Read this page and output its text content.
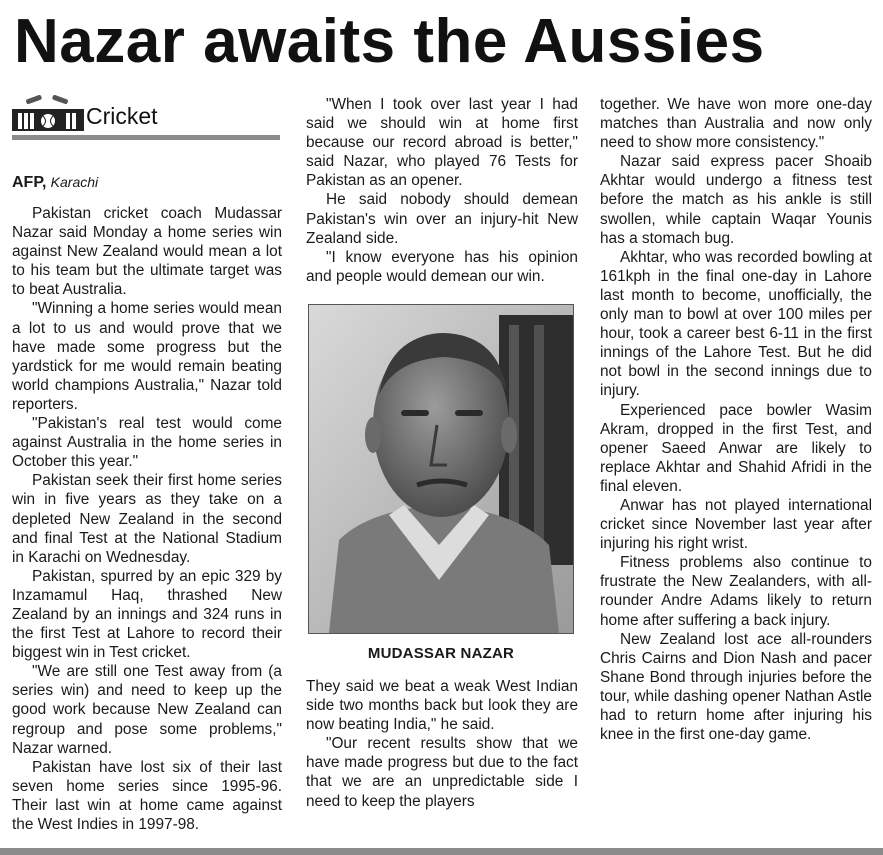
Nazar awaits the Aussies
Cricket
AFP, Karachi

Pakistan cricket coach Mudassar Nazar said Monday a home series win against New Zealand would mean a lot to his team but the ultimate target was to beat Australia.

"Winning a home series would mean a lot to us and would prove that we have made some progress but the yardstick for me would remain beating world champions Australia," Nazar told reporters.

"Pakistan's real test would come against Australia in the home series in October this year."

Pakistan seek their first home series win in five years as they take on a depleted New Zealand in the second and final Test at the National Stadium in Karachi on Wednesday.

Pakistan, spurred by an epic 329 by Inzamamul Haq, thrashed New Zealand by an innings and 324 runs in the first Test at Lahore to record their biggest win in Test cricket.

"We are still one Test away from (a series win) and need to keep up the good work because New Zealand can regroup and pose some problems," Nazar warned.

Pakistan have lost six of their last seven home series since 1995-96. Their last win at home came against the West Indies in 1997-98.

"When I took over last year I had said we should win at home first because our record abroad is better," said Nazar, who played 76 Tests for Pakistan as an opener.

He said nobody should demean Pakistan's win over an injury-hit New Zealand side.

"I know everyone has his opinion and people would demean our win.

MUDASSAR NAZAR

They said we beat a weak West Indian side two months back but look they are now beating India," he said.

"Our recent results show that we have made progress but due to the fact that we are an unpredictable side I need to keep the players

together. We have won more one-day matches than Australia and now only need to show more consistency."

Nazar said express pacer Shoaib Akhtar would undergo a fitness test before the match as his ankle is still swollen, while captain Waqar Younis has a stomach bug.

Akhtar, who was recorded bowling at 161kph in the final one-day in Lahore last month to become, unofficially, the only man to bowl at over 100 miles per hour, took a career best 6-11 in the first innings of the Lahore Test. But he did not bowl in the second innings due to injury.

Experienced pace bowler Wasim Akram, dropped in the first Test, and opener Saeed Anwar are likely to replace Akhtar and Shahid Afridi in the final eleven.

Anwar has not played international cricket since November last year after injuring his right wrist.

Fitness problems also continue to frustrate the New Zealanders, with all-rounder Andre Adams likely to return home after suffering a back injury.

New Zealand lost ace all-rounders Chris Cairns and Dion Nash and pacer Shane Bond through injuries before the tour, while dashing opener Nathan Astle had to return home after injuring his knee in the first one-day game.
